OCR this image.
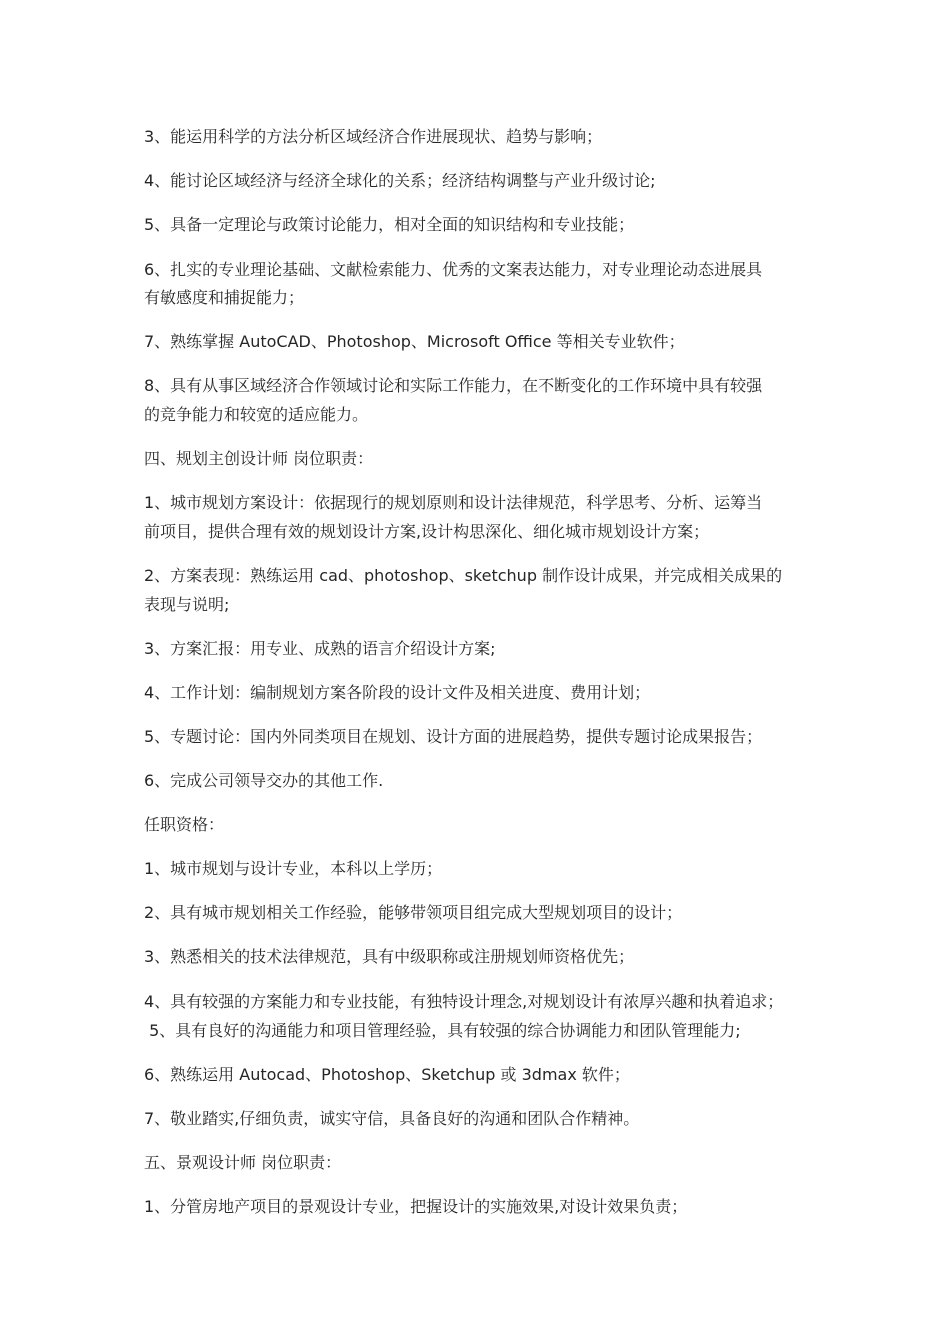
3、能运用科学的方法分析区域经济合作进展现状、趋势与影响；
4、能讨论区域经济与经济全球化的关系；经济结构调整与产业升级讨论;
5、具备一定理论与政策讨论能力，相对全面的知识结构和专业技能；
6、扎实的专业理论基础、文献检索能力、优秀的文案表达能力，对专业理论动态进展具
有敏感度和捕捉能力；
7、熟练掌握 AutoCAD、Photoshop、Microsoft Office 等相关专业软件；
8、具有从事区域经济合作领域讨论和实际工作能力，在不断变化的工作环境中具有较强
的竞争能力和较宽的适应能力。
四、规划主创设计师 岗位职责：
1、城市规划方案设计：依据现行的规划原则和设计法律规范，科学思考、分析、运筹当
前项目，提供合理有效的规划设计方案,设计构思深化、细化城市规划设计方案；
2、方案表现：熟练运用 cad、photoshop、sketchup 制作设计成果，并完成相关成果的
表现与说明;
3、方案汇报：用专业、成熟的语言介绍设计方案;
4、工作计划：编制规划方案各阶段的设计文件及相关进度、费用计划；
5、专题讨论：国内外同类项目在规划、设计方面的进展趋势，提供专题讨论成果报告；
6、完成公司领导交办的其他工作.
任职资格：
1、城市规划与设计专业，本科以上学历；
2、具有城市规划相关工作经验，能够带领项目组完成大型规划项目的设计；
3、熟悉相关的技术法律规范，具有中级职称或注册规划师资格优先；
4、具有较强的方案能力和专业技能，有独特设计理念,对规划设计有浓厚兴趣和执着追求；
5、具有良好的沟通能力和项目管理经验，具有较强的综合协调能力和团队管理能力;
6、熟练运用 Autocad、Photoshop、Sketchup 或 3dmax 软件；
7、敬业踏实,仔细负责，诚实守信，具备良好的沟通和团队合作精神。
五、景观设计师 岗位职责：
1、分管房地产项目的景观设计专业，把握设计的实施效果,对设计效果负责；
